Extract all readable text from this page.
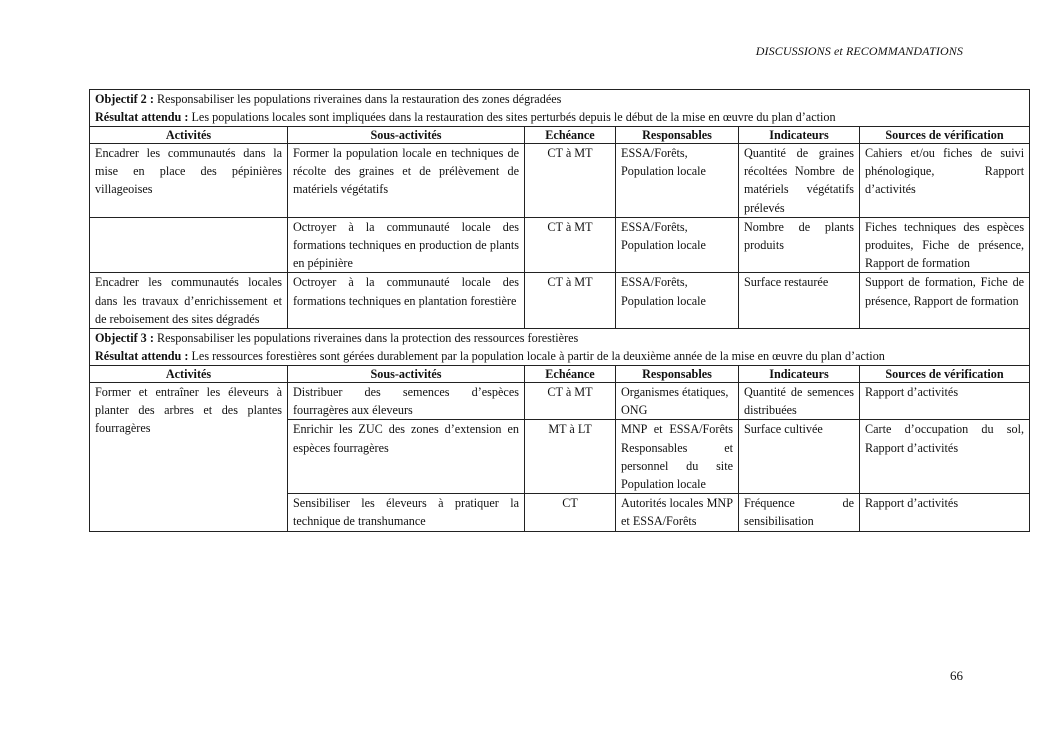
DISCUSSIONS et RECOMMANDATIONS
Objectif 2 : Responsabiliser les populations riveraines dans la restauration des zones dégradées
Résultat attendu : Les populations locales sont impliquées dans la restauration des sites perturbés depuis le début de la mise en œuvre du plan d’action					
Activités	Sous-activités	Echéance	Responsables	Indicateurs	Sources de vérification
Encadrer les communautés dans la mise en place des pépinières villageoises	Former la population locale en techniques de récolte des graines et de prélèvement de matériels végétatifs	CT à MT	ESSA/Forêts, Population locale	Quantité de graines récoltées Nombre de matériels végétatifs prélevés	Cahiers et/ou fiches de suivi phénologique, Rapport d’activités
	Octroyer à la communauté locale des formations techniques en production de plants en pépinière	CT à MT	ESSA/Forêts, Population locale	Nombre de plants produits	Fiches techniques des espèces produites, Fiche de présence, Rapport de formation
Encadrer les communautés locales dans les travaux d’enrichissement et de reboisement des sites dégradés	Octroyer à la communauté locale des formations techniques en plantation forestière	CT à MT	ESSA/Forêts, Population locale	Surface restaurée	Support de formation, Fiche de présence, Rapport de formation
Objectif 3 : Responsabiliser les populations riveraines dans la protection des ressources forestières
Résultat attendu : Les ressources forestières sont gérées durablement par la population locale à partir de la deuxième année de la mise en œuvre du plan d’action					
Activités	Sous-activités	Echéance	Responsables	Indicateurs	Sources de vérification
Former et entraîner les éleveurs à planter des arbres et des plantes fourragères	Distribuer des semences d’espèces fourragères aux éleveurs	CT à MT	Organismes étatiques, ONG	Quantité de semences distribuées	Rapport d’activités
	Enrichir les ZUC des zones d’extension en espèces fourragères	MT à LT	MNP et ESSA/Forêts Responsables et personnel du site Population locale	Surface cultivée	Carte d’occupation du sol, Rapport d’activités
	Sensibiliser les éleveurs à pratiquer la technique de transhumance	CT	Autorités locales MNP et ESSA/Forêts	Fréquence de sensibilisation	Rapport d’activités
66
